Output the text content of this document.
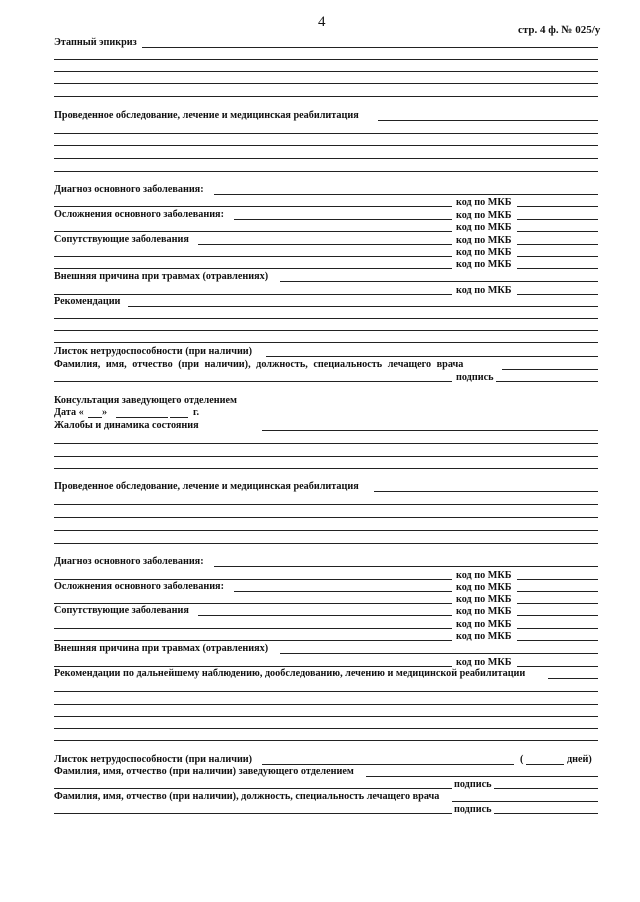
4	стр. 4 ф. № 025/у
Этапный эпикриз
Проведенное обследование, лечение и медицинская реабилитация
Диагноз основного заболевания:
код по МКБ
Осложнения основного заболевания:	код по МКБ
код по МКБ
Сопутствующие заболевания	код по МКБ
код по МКБ
код по МКБ
Внешняя причина при травмах (отравлениях)
код по МКБ
Рекомендации
Листок нетрудоспособности (при наличии)
Фамилия, имя, отчество (при наличии), должность, специальность лечащего врача
подпись
Консультация заведующего отделением
Дата « »	г.
Жалобы и динамика состояния
Проведенное обследование, лечение и медицинская реабилитация
Диагноз основного заболевания:
код по МКБ
Осложнения основного заболевания:	код по МКБ
код по МКБ
Сопутствующие заболевания	код по МКБ
код по МКБ
код по МКБ
Внешняя причина при травмах (отравлениях)
код по МКБ
Рекомендации по дальнейшему наблюдению, дообследованию, лечению и медицинской реабилитации
Листок нетрудоспособности (при наличии)	(	дней)
Фамилия, имя, отчество (при наличии) заведующего отделением
подпись
Фамилия, имя, отчество (при наличии), должность, специальность лечащего врача
подпись
